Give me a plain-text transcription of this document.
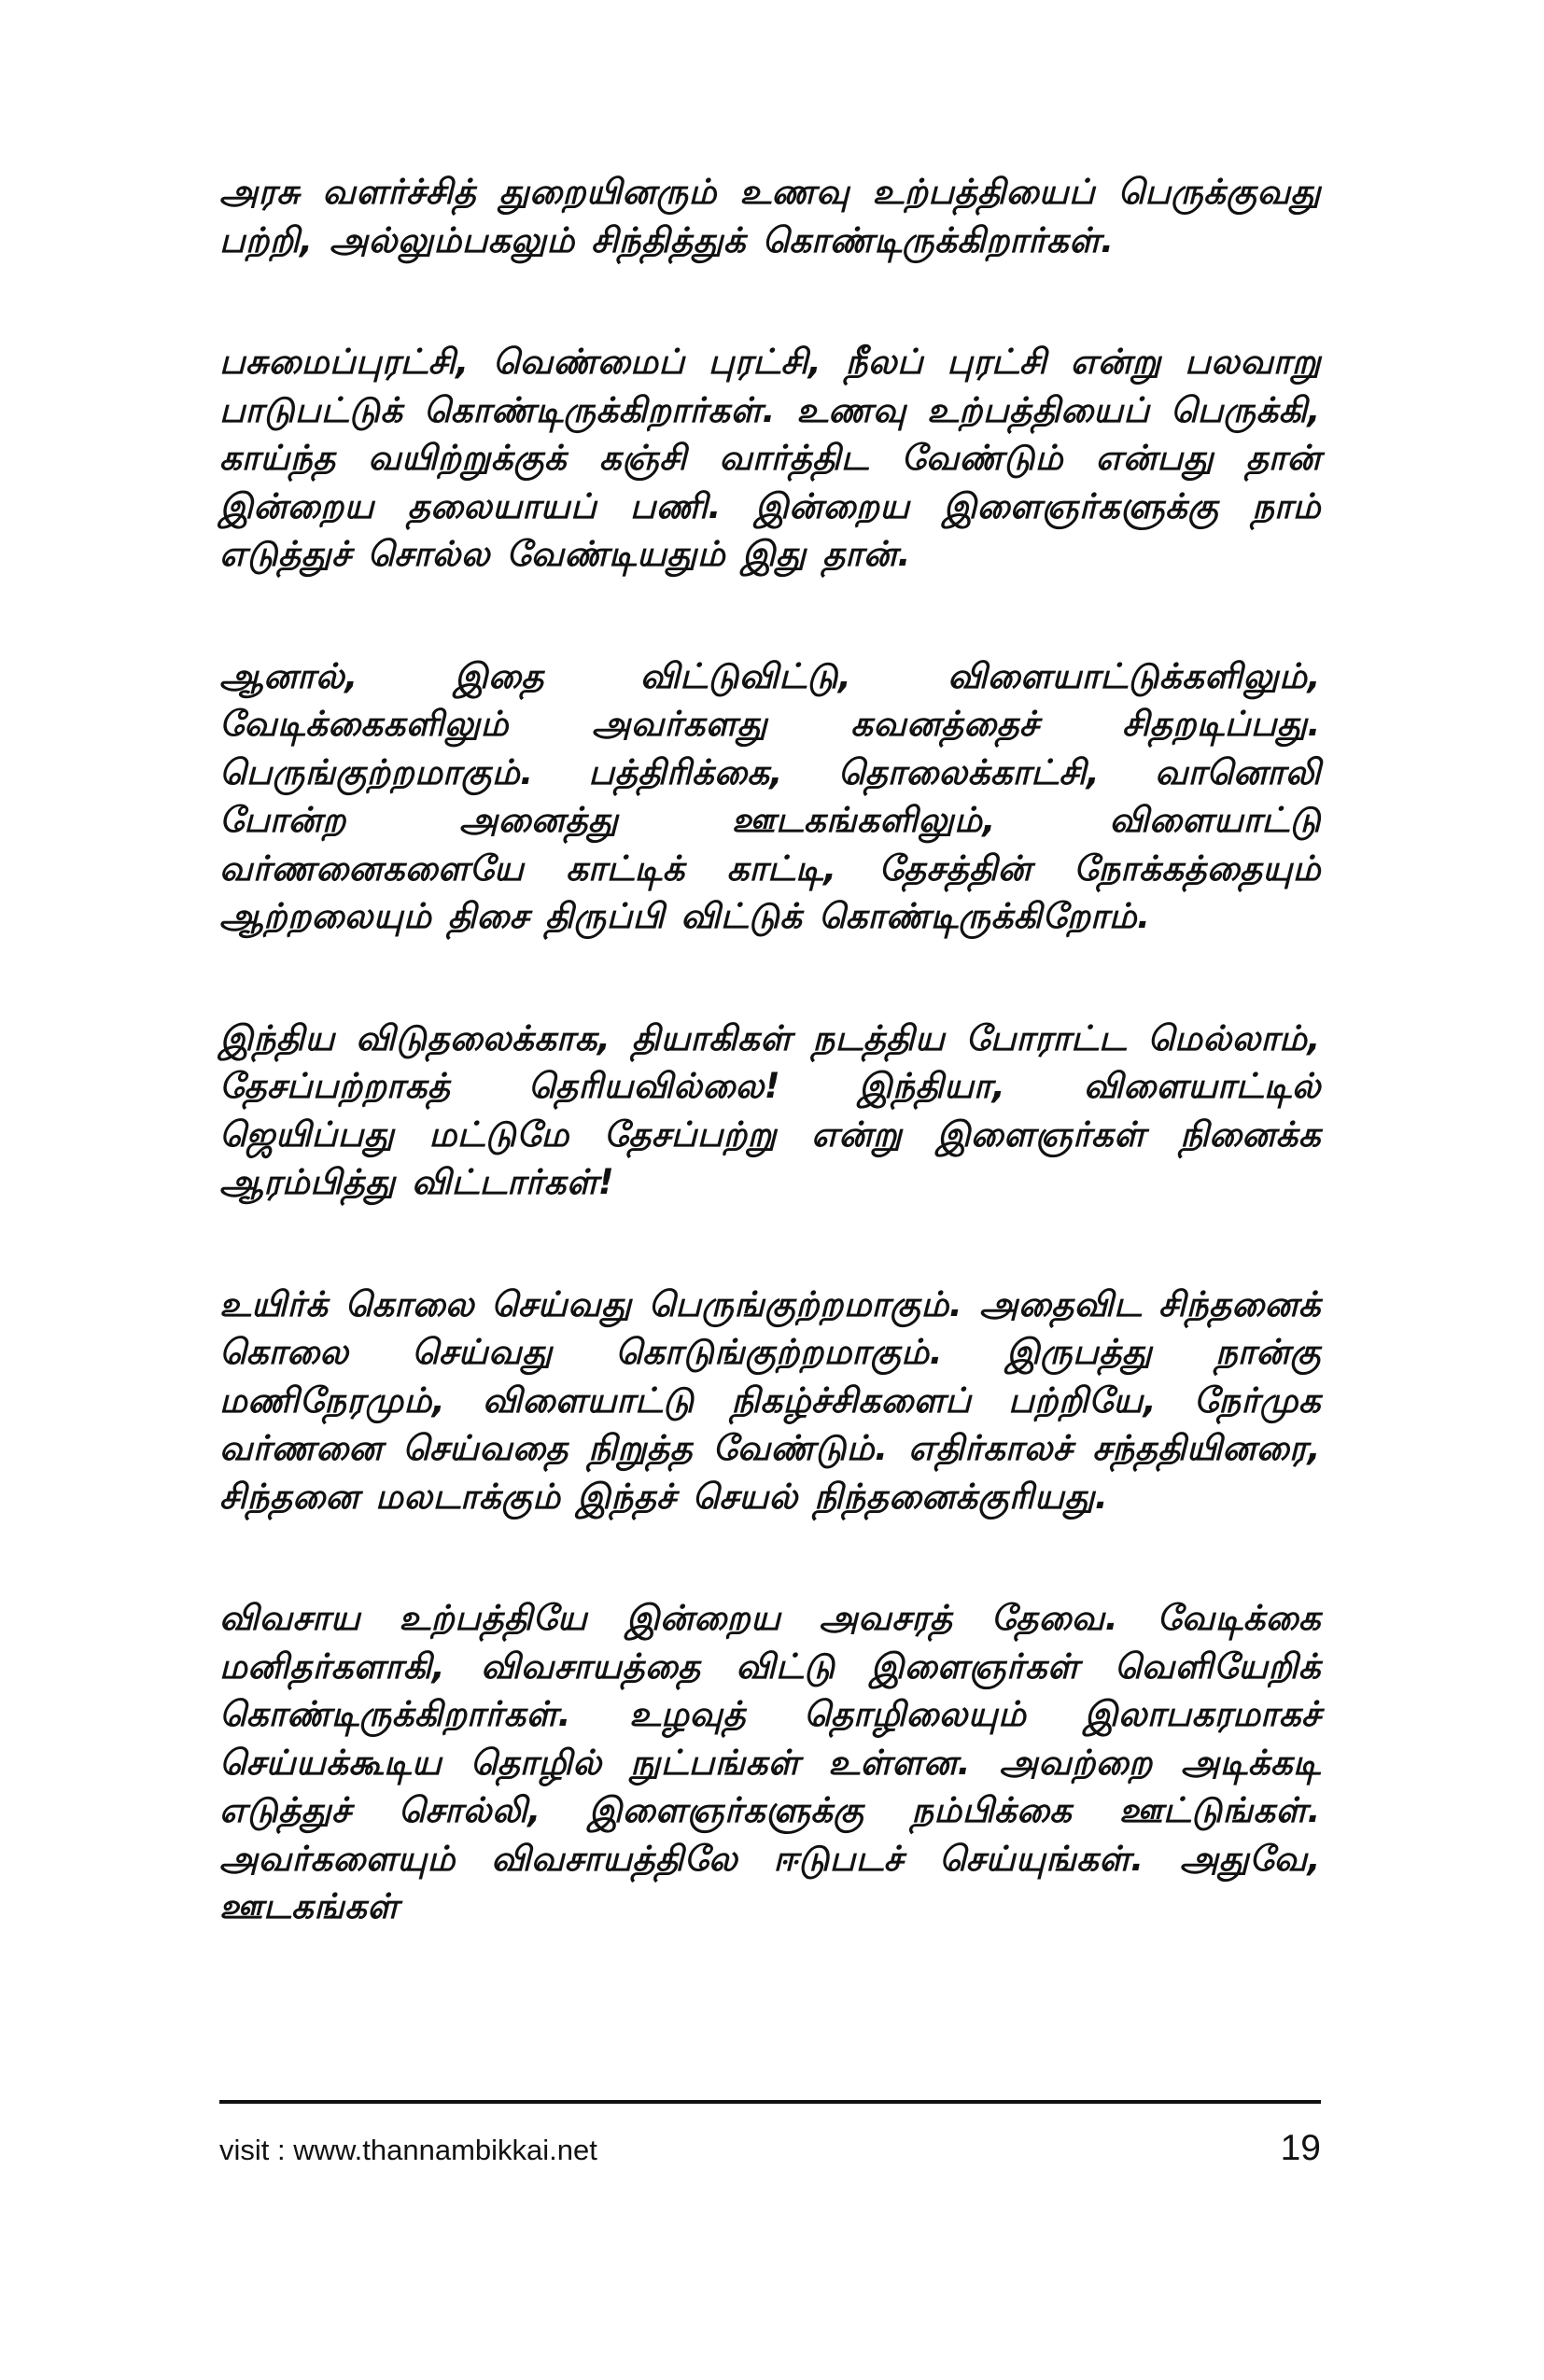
அரசு வளர்ச்சித் துறையினரும் உணவு உற்பத்தியைப் பெருக்குவது பற்றி, அல்லும்பகலும் சிந்தித்துக் கொண்டிருக்கிறார்கள்.

பசுமைப்புரட்சி, வெண்மைப் புரட்சி, நீலப் புரட்சி என்று பலவாறு பாடுபட்டுக் கொண்டிருக்கிறார்கள். உணவு உற்பத்தியைப் பெருக்கி, காய்ந்த வயிற்றுக்குக் கஞ்சி வார்த்திட வேண்டும் என்பது தான் இன்றைய தலையாயப் பணி. இன்றைய இளைஞர்களுக்கு நாம் எடுத்துச் சொல்ல வேண்டியதும் இது தான்.

ஆனால், இதை விட்டுவிட்டு, விளையாட்டுக்களிலும், வேடிக்கைகளிலும் அவர்களது கவனத்தைச் சிதறடிப்பது. பெருங்குற்றமாகும். பத்திரிக்கை, தொலைக்காட்சி, வானொலி போன்ற அனைத்து ஊடகங்களிலும், விளையாட்டு வர்ணனைகளையே காட்டிக் காட்டி, தேசத்தின் நோக்கத்தையும் ஆற்றலையும் திசை திருப்பி விட்டுக் கொண்டிருக்கிறோம்.

இந்திய விடுதலைக்காக, தியாகிகள் நடத்திய போராட்ட மெல்லாம், தேசப்பற்றாகத் தெரியவில்லை! இந்தியா, விளையாட்டில் ஜெயிப்பது மட்டுமே தேசப்பற்று என்று இளைஞர்கள் நினைக்க ஆரம்பித்து விட்டார்கள்!

உயிர்க் கொலை செய்வது பெருங்குற்றமாகும். அதைவிட சிந்தனைக் கொலை செய்வது கொடுங்குற்றமாகும். இருபத்து நான்கு மணிநேரமும், விளையாட்டு நிகழ்ச்சிகளைப் பற்றியே, நேர்முக வர்ணனை செய்வதை நிறுத்த வேண்டும். எதிர்காலச் சந்ததியினரை, சிந்தனை மலடாக்கும் இந்தச் செயல் நிந்தனைக்குரியது.

விவசாய உற்பத்தியே இன்றைய அவசரத் தேவை. வேடிக்கை மனிதர்களாகி, விவசாயத்தை விட்டு இளைஞர்கள் வெளியேறிக் கொண்டிருக்கிறார்கள். உழவுத் தொழிலையும் இலாபகரமாகச் செய்யக்கூடிய தொழில் நுட்பங்கள் உள்ளன. அவற்றை அடிக்கடி எடுத்துச் சொல்லி, இளைஞர்களுக்கு நம்பிக்கை ஊட்டுங்கள். அவர்களையும் விவசாயத்திலே ஈடுபடச் செய்யுங்கள். அதுவே, ஊடகங்கள்

visit : www.thannambikkai.net	19
